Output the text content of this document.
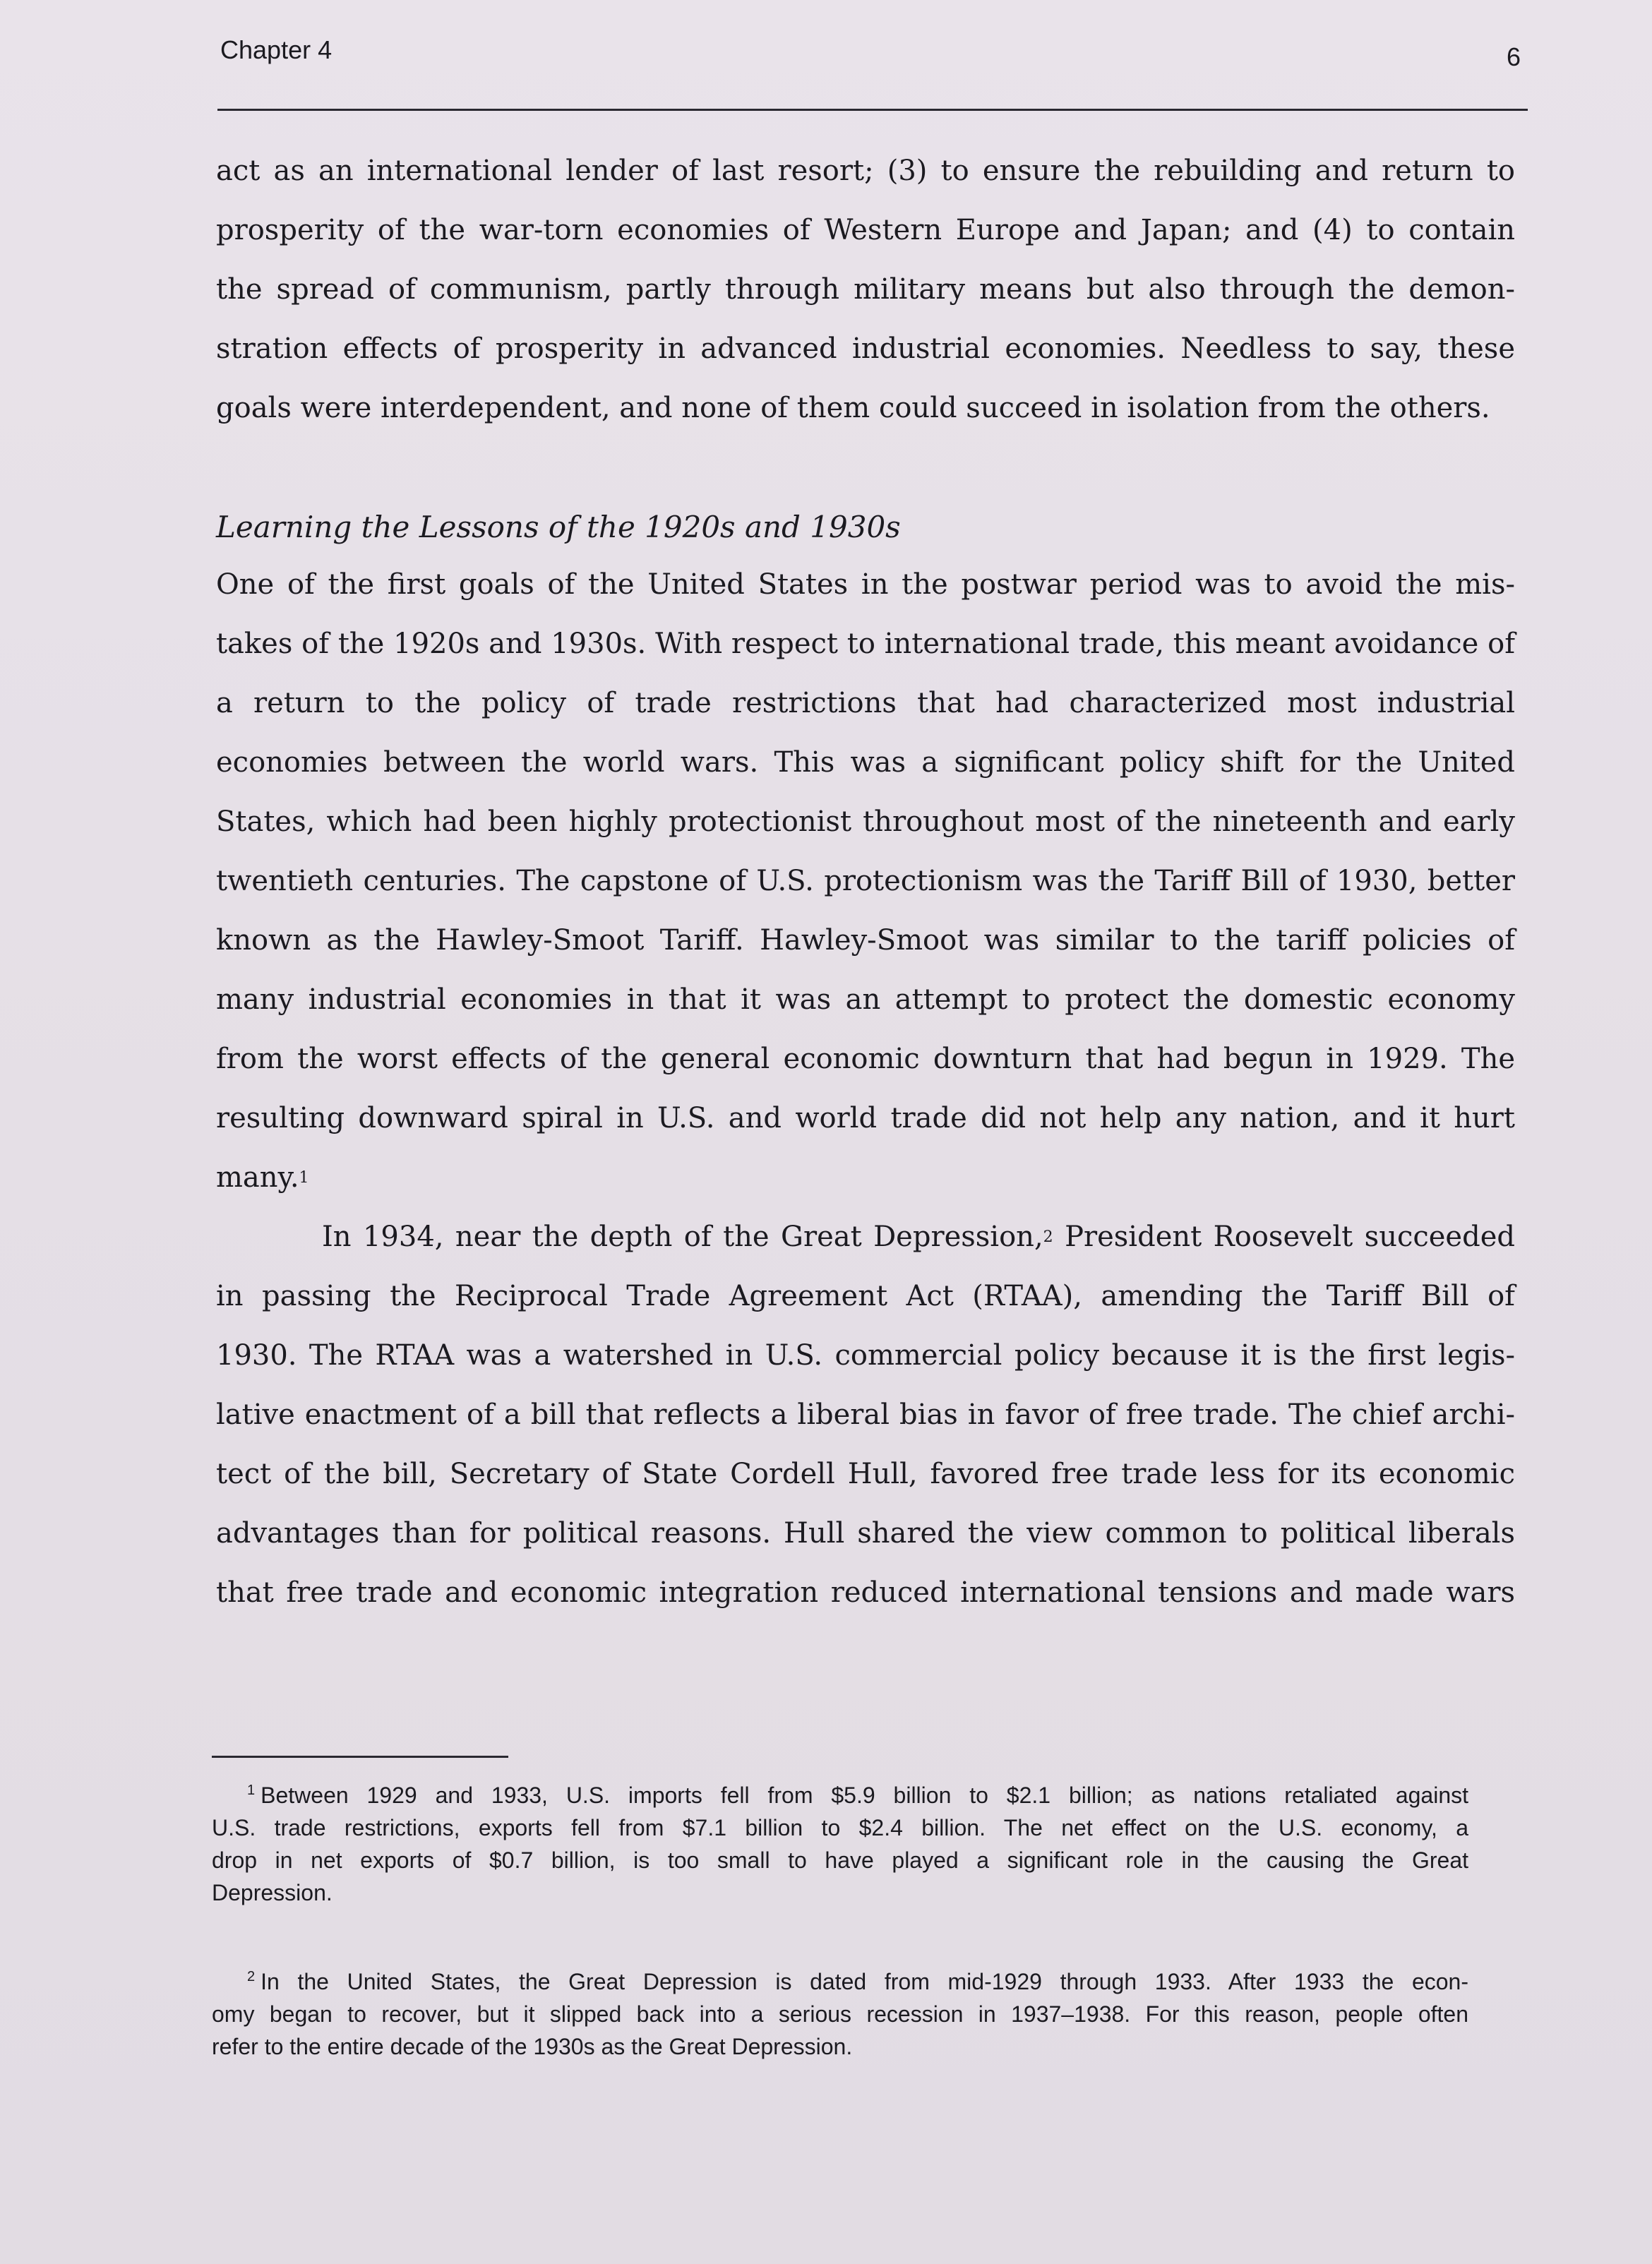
Chapter 4	6
act as an international lender of last resort; (3) to ensure the rebuilding and return to
prosperity of the war-torn economies of Western Europe and Japan; and (4) to contain
the spread of communism, partly through military means but also through the demon-
stration effects of prosperity in advanced industrial economies. Needless to say, these
goals were interdependent, and none of them could succeed in isolation from the others.
Learning the Lessons of the 1920s and 1930s
One of the first goals of the United States in the postwar period was to avoid the mis-
takes of the 1920s and 1930s. With respect to international trade, this meant avoidance of
a return to the policy of trade restrictions that had characterized most industrial
economies between the world wars. This was a significant policy shift for the United
States, which had been highly protectionist throughout most of the nineteenth and early
twentieth centuries. The capstone of U.S. protectionism was the Tariff Bill of 1930, better
known as the Hawley-Smoot Tariff. Hawley-Smoot was similar to the tariff policies of
many industrial economies in that it was an attempt to protect the domestic economy
from the worst effects of the general economic downturn that had begun in 1929. The
resulting downward spiral in U.S. and world trade did not help any nation, and it hurt
many.$^1$
In 1934, near the depth of the Great Depression,$^2$ President Roosevelt succeeded
in passing the Reciprocal Trade Agreement Act (RTAA), amending the Tariff Bill of
1930. The RTAA was a watershed in U.S. commercial policy because it is the first legis-
lative enactment of a bill that reflects a liberal bias in favor of free trade. The chief archi-
tect of the bill, Secretary of State Cordell Hull, favored free trade less for its economic
advantages than for political reasons. Hull shared the view common to political liberals
that free trade and economic integration reduced international tensions and made wars
$^1$ Between 1929 and 1933, U.S. imports fell from $5.9 billion to $2.1 billion; as nations retaliated against
U.S. trade restrictions, exports fell from $7.1 billion to $2.4 billion. The net effect on the U.S. economy, a
drop in net exports of $0.7 billion, is too small to have played a significant role in the causing the Great
Depression.
$^2$ In the United States, the Great Depression is dated from mid-1929 through 1933. After 1933 the econ-
omy began to recover, but it slipped back into a serious recession in 1937–1938. For this reason, people often
refer to the entire decade of the 1930s as the Great Depression.
